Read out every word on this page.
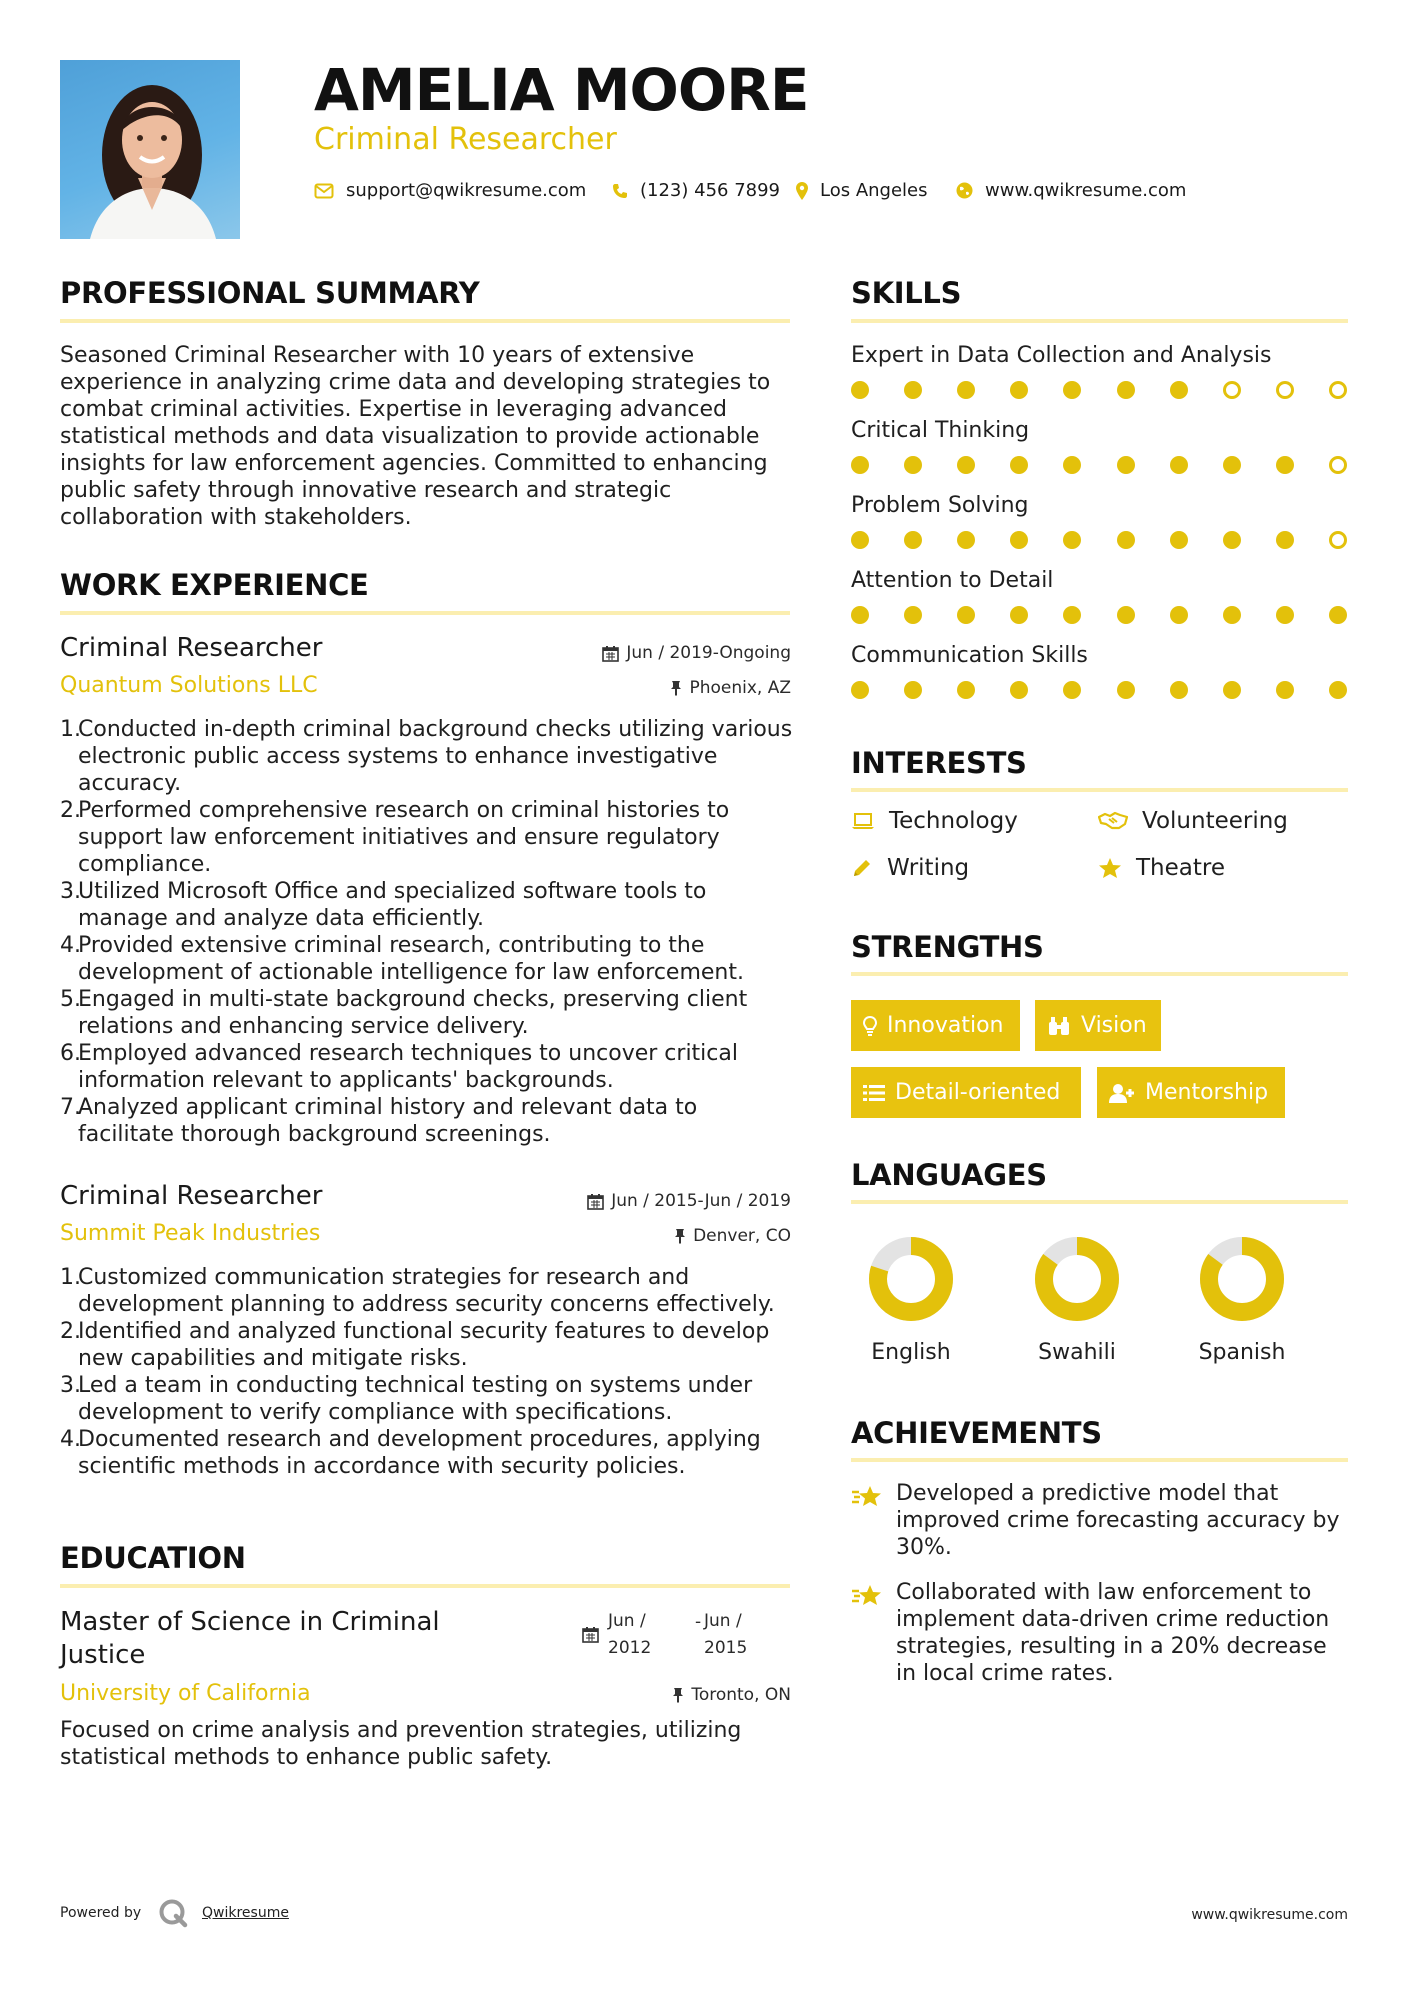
AMELIA MOORE
Criminal Researcher
support@qwikresume.com	(123) 456 7899 Los Angeles	www.qwikresume.com
PROFESSIONAL SUMMARY
Seasoned Criminal Researcher with 10 years of extensive experience in analyzing crime data and developing strategies to combat criminal activities. Expertise in leveraging advanced statistical methods and data visualization to provide actionable insights for law enforcement agencies. Committed to enhancing public safety through innovative research and strategic collaboration with stakeholders.
WORK EXPERIENCE
Criminal Researcher	Jun / 2019-Ongoing
Quantum Solutions LLC	Phoenix, AZ
1.Conducted in-depth criminal background checks utilizing various electronic public access systems to enhance investigative accuracy.
2.Performed comprehensive research on criminal histories to support law enforcement initiatives and ensure regulatory compliance.
3.Utilized Microsoft Office and specialized software tools to manage and analyze data efficiently.
4.Provided extensive criminal research, contributing to the development of actionable intelligence for law enforcement.
5.Engaged in multi-state background checks, preserving client relations and enhancing service delivery.
6.Employed advanced research techniques to uncover critical information relevant to applicants' backgrounds.
7.Analyzed applicant criminal history and relevant data to facilitate thorough background screenings.
Criminal Researcher	Jun / 2015-Jun / 2019
Summit Peak Industries	Denver, CO
1.Customized communication strategies for research and development planning to address security concerns effectively.
2.Identified and analyzed functional security features to develop new capabilities and mitigate risks.
3.Led a team in conducting technical testing on systems under development to verify compliance with specifications.
4.Documented research and development procedures, applying scientific methods in accordance with security policies.
EDUCATION
Master of Science in Criminal Justice
Jun /
2012
- Jun /
2015
University of California	Toronto, ON
Focused on crime analysis and prevention strategies, utilizing statistical methods to enhance public safety.
SKILLS
Expert in Data Collection and Analysis
Critical Thinking
Problem Solving
Attention to Detail
Communication Skills
INTERESTS
Technology	Volunteering
Writing	Theatre
STRENGTHS
Innovation	Vision
Detail-oriented	Mentorship
LANGUAGES
English	Swahili	Spanish
ACHIEVEMENTS
Developed a predictive model that improved crime forecasting accuracy by 30%.
Collaborated with law enforcement to implement data-driven crime reduction strategies, resulting in a 20% decrease in local crime rates.
Powered by	Qwikresume	www.qwikresume.com
